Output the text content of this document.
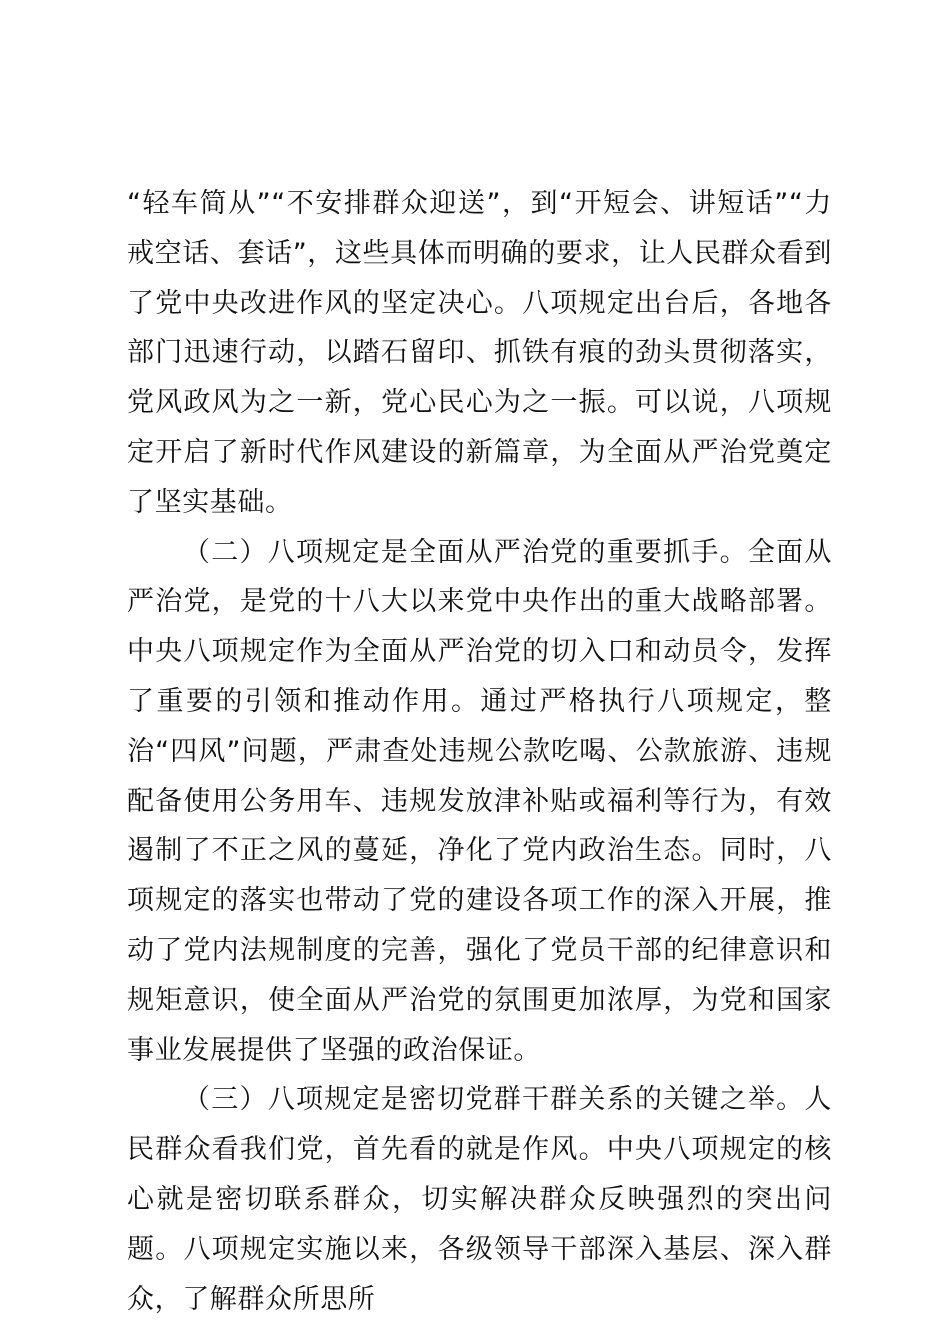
“轻车简从”“不安排群众迎送”，到“开短会、讲短话”“力戒空话、套话”，这些具体而明确的要求，让人民群众看到了党中央改进作风的坚定决心。八项规定出台后，各地各部门迅速行动，以踏石留印、抓铁有痕的劲头贯彻落实，党风政风为之一新，党心民心为之一振。可以说，八项规定开启了新时代作风建设的新篇章，为全面从严治党奠定了坚实基础。

（二）八项规定是全面从严治党的重要抓手。全面从严治党，是党的十八大以来党中央作出的重大战略部署。中央八项规定作为全面从严治党的切入口和动员令，发挥了重要的引领和推动作用。通过严格执行八项规定，整治“四风”问题，严肃查处违规公款吃喝、公款旅游、违规配备使用公务用车、违规发放津补贴或福利等行为，有效遏制了不正之风的蔓延，净化了党内政治生态。同时，八项规定的落实也带动了党的建设各项工作的深入开展，推动了党内法规制度的完善，强化了党员干部的纪律意识和规矩意识，使全面从严治党的氛围更加浓厚，为党和国家事业发展提供了坚强的政治保证。

（三）八项规定是密切党群干群关系的关键之举。人民群众看我们党，首先看的就是作风。中央八项规定的核心就是密切联系群众，切实解决群众反映强烈的突出问题。八项规定实施以来，各级领导干部深入基层、深入群众，了解群众所思所
